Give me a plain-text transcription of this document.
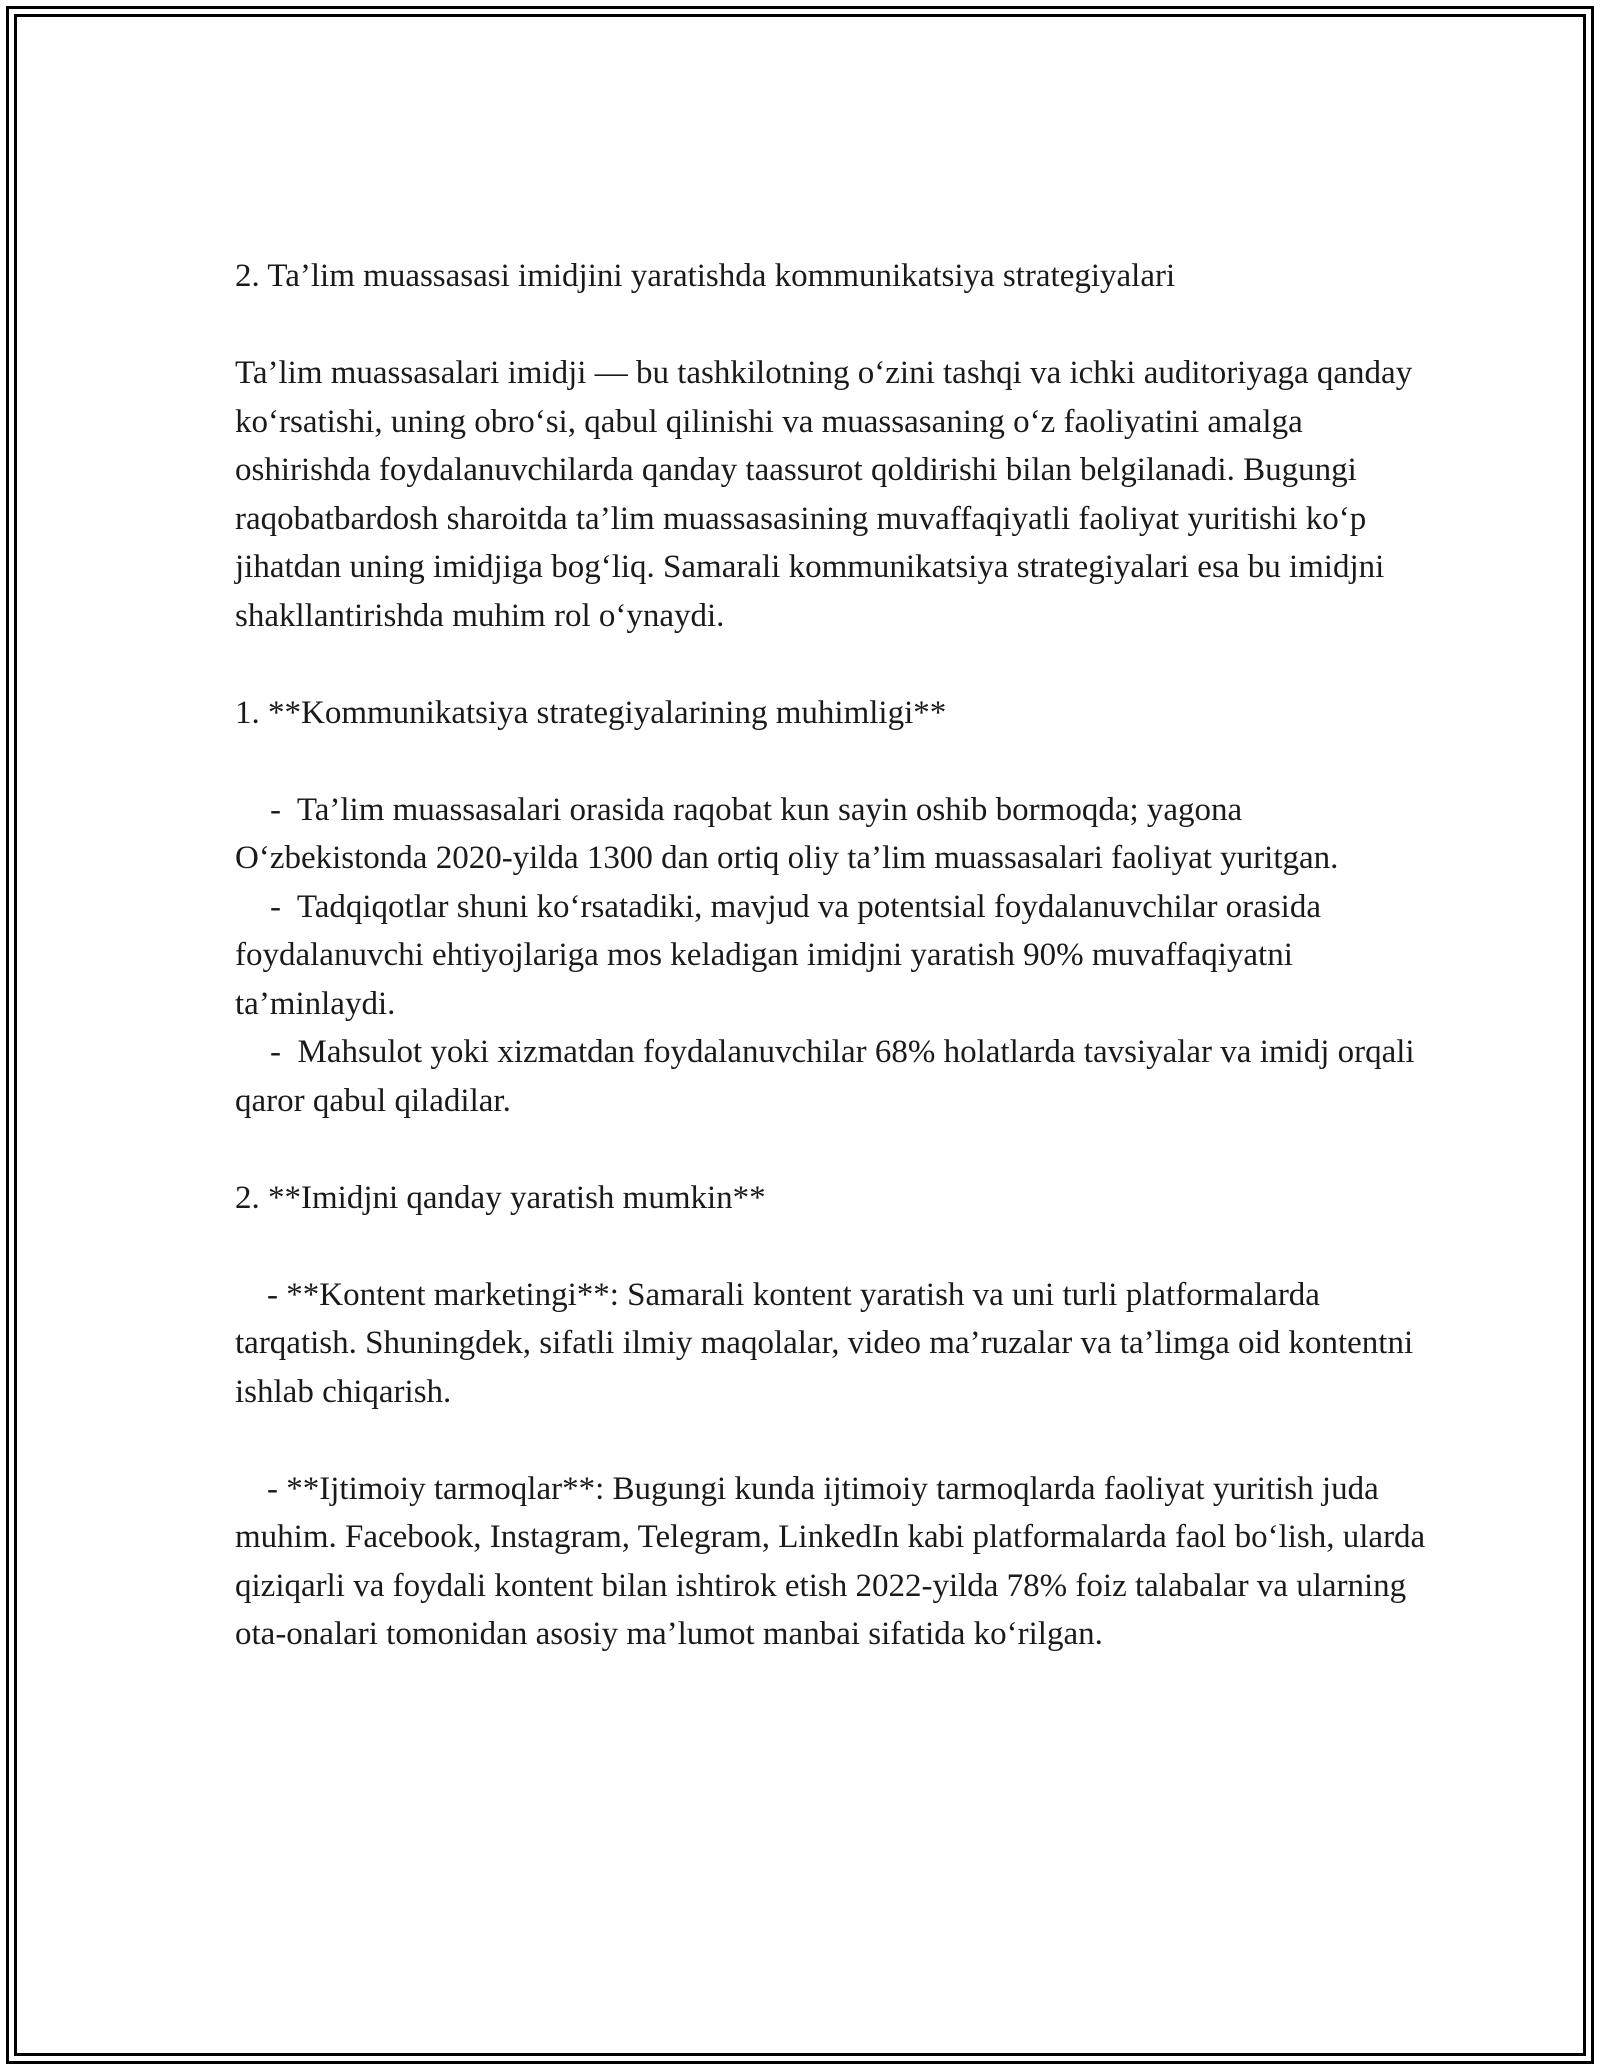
2. Ta’lim muassasasi imidjini yaratishda kommunikatsiya strategiyalari

Ta’lim muassasalari imidji — bu tashkilotning o‘zini tashqi va ichki auditoriyaga qanday ko‘rsatishi, uning obro‘si, qabul qilinishi va muassasaning o‘z faoliyatini amalga oshirishda foydalanuvchilarda qanday taassurot qoldirishi bilan belgilanadi. Bugungi raqobatbardosh sharoitda ta’lim muassasasining muvaffaqiyatli faoliyat yuritishi ko‘p jihatdan uning imidjiga bog‘liq. Samarali kommunikatsiya strategiyalari esa bu imidjni shakllantirishda muhim rol o‘ynaydi.

1. **Kommunikatsiya strategiyalarining muhimligi**

-  Ta’lim muassasalari orasida raqobat kun sayin oshib bormoqda; yagona O‘zbekistonda 2020-yilda 1300 dan ortiq oliy ta’lim muassasalari faoliyat yuritgan.

-  Tadqiqotlar shuni ko‘rsatadiki, mavjud va potentsial foydalanuvchilar orasida foydalanuvchi ehtiyojlariga mos keladigan imidjni yaratish 90% muvaffaqiyatni ta’minlaydi.

-  Mahsulot yoki xizmatdan foydalanuvchilar 68% holatlarda tavsiyalar va imidj orqali qaror qabul qiladilar.

2. **Imidjni qanday yaratish mumkin**

- **Kontent marketingi**: Samarali kontent yaratish va uni turli platformalarda tarqatish. Shuningdek, sifatli ilmiy maqolalar, video ma’ruzalar va ta’limga oid kontentni ishlab chiqarish.

- **Ijtimoiy tarmoqlar**: Bugungi kunda ijtimoiy tarmoqlarda faoliyat yuritish juda muhim. Facebook, Instagram, Telegram, LinkedIn kabi platformalarda faol bo‘lish, ularda qiziqarli va foydali kontent bilan ishtirok etish 2022-yilda 78% foiz talabalar va ularning ota-onalari tomonidan asosiy ma’lumot manbai sifatida ko‘rilgan.
